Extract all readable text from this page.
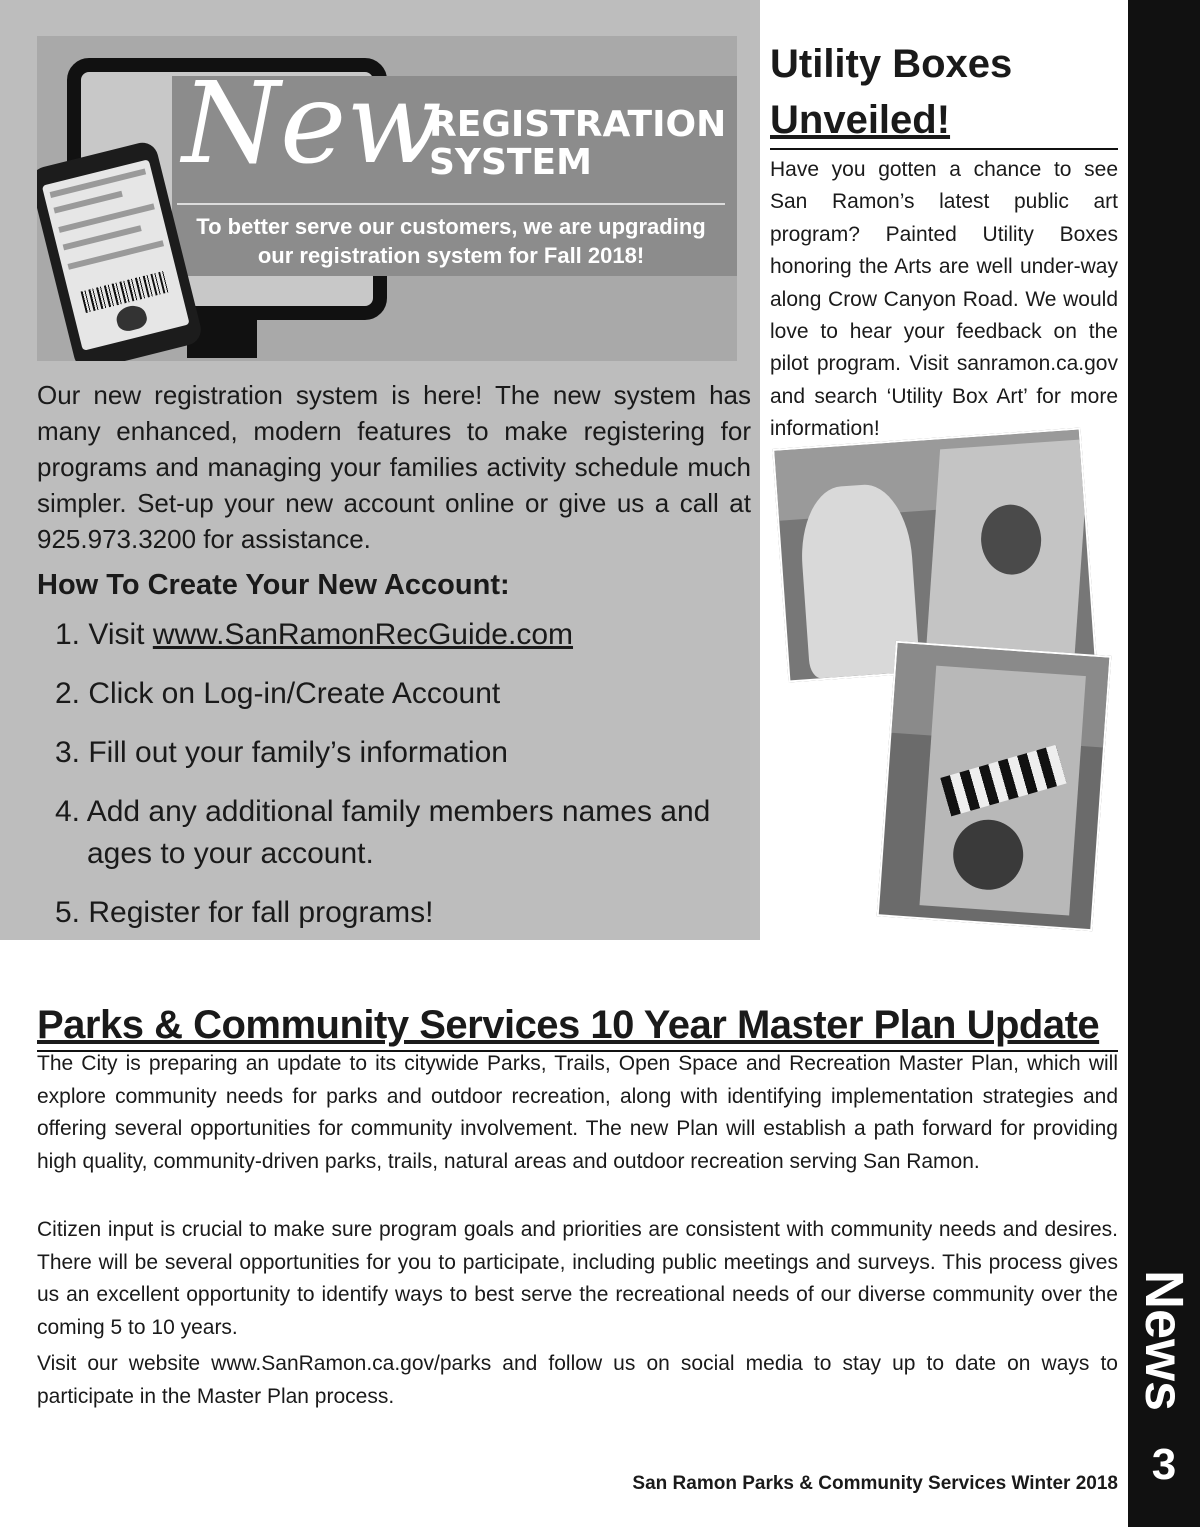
New
REGISTRATION
SYSTEM
To better serve our customers, we are upgrading our registration system for Fall 2018!
Our new registration system is here! The new system has many enhanced, modern features to make registering for programs and managing your families activity schedule much simpler. Set-up your new account online or give us a call at 925.973.3200 for assistance.
How To Create Your New Account:
1. Visit www.SanRamonRecGuide.com
2. Click on Log-in/Create Account
3. Fill out your family’s information
4. Add any additional family members names and ages to your account.
5. Register for fall programs!
Utility Boxes
Unveiled!
Have you gotten a chance to see San Ramon’s latest public art program? Painted Utility Boxes honoring the Arts are well under-way along Crow Canyon Road. We would love to hear your feedback on the pilot program. Visit sanramon.ca.gov and search ‘Utility Box Art’ for more information!
Parks & Community Services 10 Year Master Plan Update

The City is preparing an update to its citywide Parks, Trails, Open Space and Recreation Master Plan, which will explore community needs for parks and outdoor recreation, along with identifying implementation strategies and offering several opportunities for community involvement. The new Plan will establish a path forward for providing high quality, community-driven parks, trails, natural areas and outdoor recreation serving San Ramon.

Citizen input is crucial to make sure program goals and priorities are consistent with community needs and desires. There will be several opportunities for you to participate, including public meetings and surveys. This process gives us an excellent opportunity to identify ways to best serve the recreational needs of our diverse community over the coming 5 to 10 years.

Visit our website www.SanRamon.ca.gov/parks and follow us on social media to stay up to date on ways to participate in the Master Plan process.	News
3
San Ramon Parks & Community Services Winter 2018
